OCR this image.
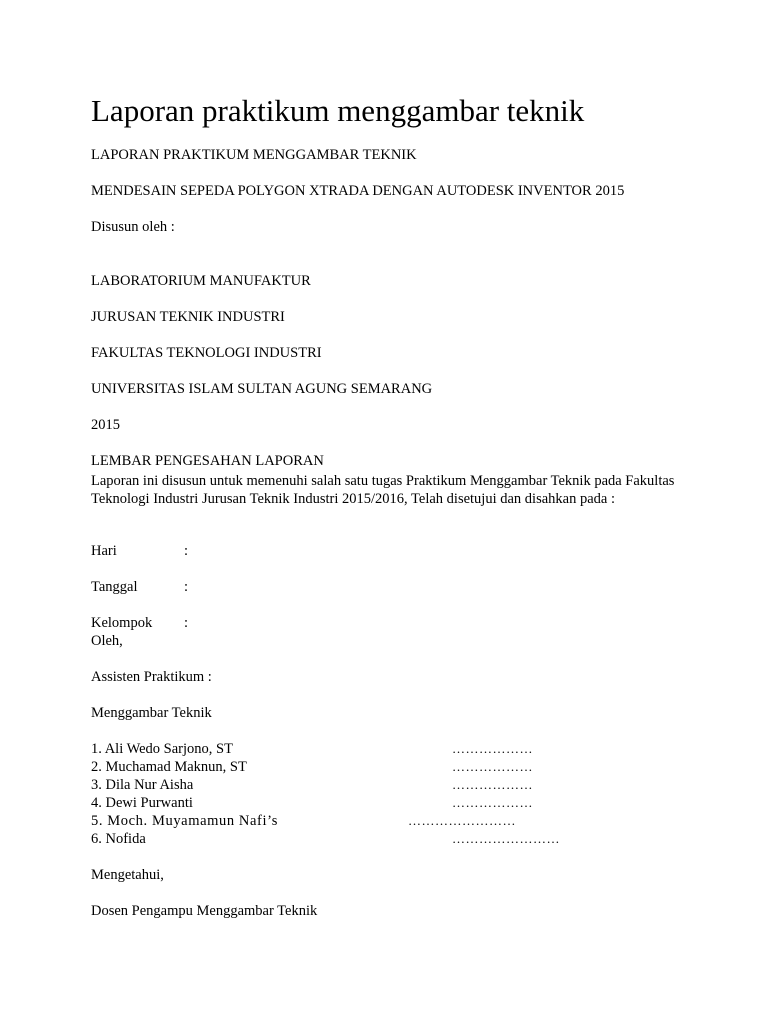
Laporan praktikum menggambar teknik

LAPORAN PRAKTIKUM MENGGAMBAR TEKNIK

MENDESAIN SEPEDA POLYGON XTRADA DENGAN AUTODESK INVENTOR 2015

Disusun oleh :

LABORATORIUM MANUFAKTUR

JURUSAN TEKNIK INDUSTRI

FAKULTAS TEKNOLOGI INDUSTRI

UNIVERSITAS ISLAM SULTAN AGUNG SEMARANG

2015

LEMBAR PENGESAHAN LAPORAN

Laporan ini disusun untuk memenuhi salah satu tugas Praktikum Menggambar Teknik pada Fakultas Teknologi Industri Jurusan Teknik Industri 2015/2016, Telah disetujui dan disahkan pada :

Hari	:

Tanggal	:

Kelompok :

Oleh,

Assisten Praktikum :

Menggambar Teknik

1. Ali Wedo Sarjono, ST	………………

2. Muchamad Maknun, ST	………………

3. Dila Nur Aisha	………………

4. Dewi Purwanti	………………

5. Moch. Muyamamun Nafi’s	……………………

6. Nofida	……………………

Mengetahui,

Dosen Pengampu Menggambar Teknik
